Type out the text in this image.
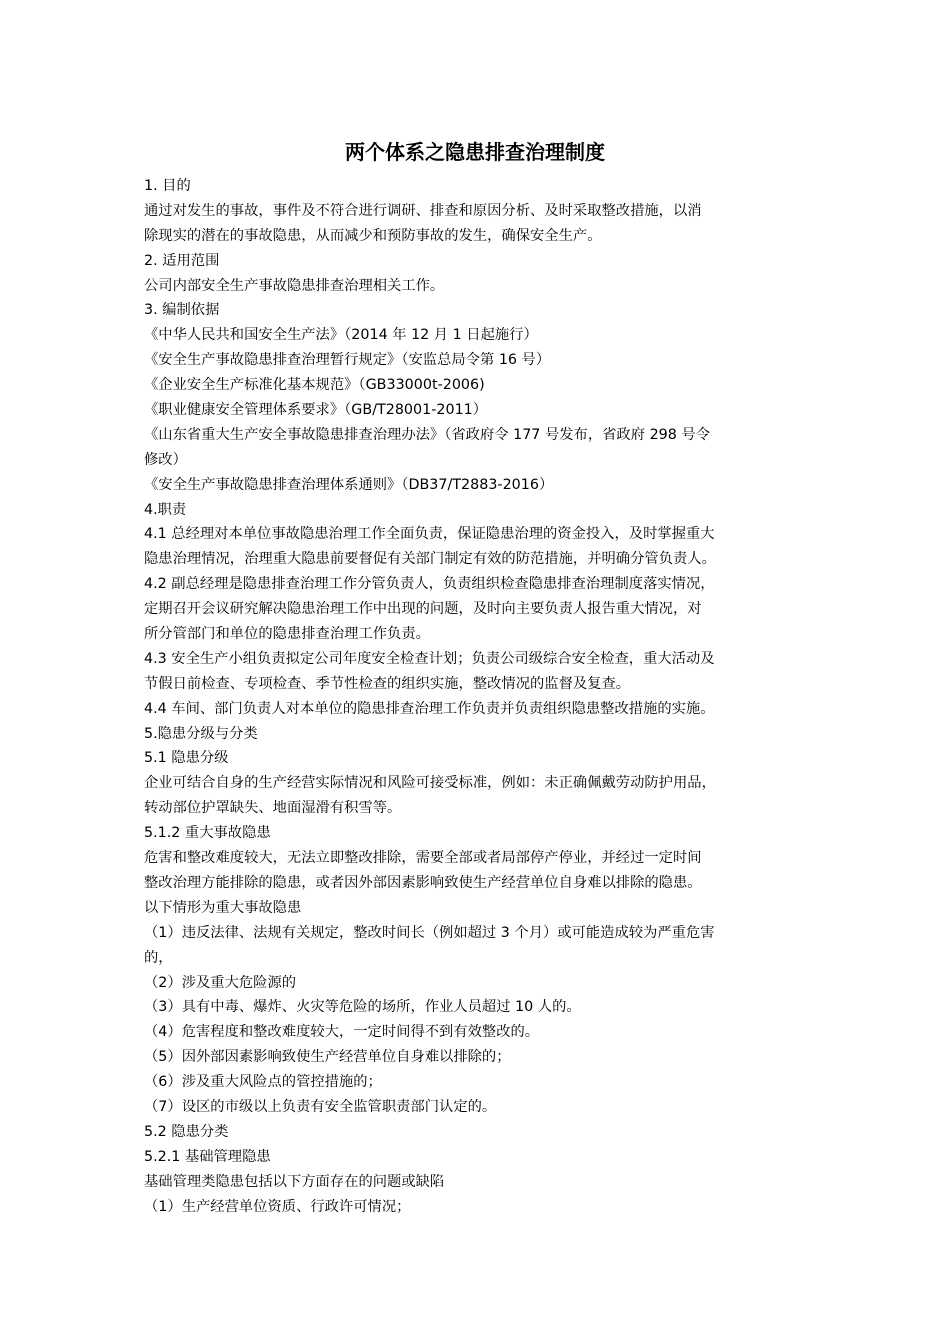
两个体系之隐患排查治理制度
1. 目的
通过对发生的事故，事件及不符合进行调研、排查和原因分析、及时采取整改措施，以消
除现实的潜在的事故隐患，从而减少和预防事故的发生，确保安全生产。
2. 适用范围
公司内部安全生产事故隐患排查治理相关工作。
3. 编制依据
《中华人民共和国安全生产法》（2014 年 12 月 1 日起施行）
《安全生产事故隐患排查治理暂行规定》（安监总局令第 16 号）
《企业安全生产标准化基本规范》（GB33000t-2006)
《职业健康安全管理体系要求》（GB/T28001-2011）
《山东省重大生产安全事故隐患排查治理办法》（省政府令 177 号发布，省政府 298 号令
修改）
《安全生产事故隐患排查治理体系通则》（DB37/T2883-2016）
4.职责
4.1 总经理对本单位事故隐患治理工作全面负责，保证隐患治理的资金投入，及时掌握重大
隐患治理情况，治理重大隐患前要督促有关部门制定有效的防范措施，并明确分管负责人。
4.2 副总经理是隐患排查治理工作分管负责人，负责组织检查隐患排查治理制度落实情况，
定期召开会议研究解决隐患治理工作中出现的问题，及时向主要负责人报告重大情况，对
所分管部门和单位的隐患排查治理工作负责。
4.3 安全生产小组负责拟定公司年度安全检查计划；负责公司级综合安全检查，重大活动及
节假日前检查、专项检查、季节性检查的组织实施，整改情况的监督及复查。
4.4 车间、部门负责人对本单位的隐患排查治理工作负责并负责组织隐患整改措施的实施。
5.隐患分级与分类
5.1 隐患分级
企业可结合自身的生产经营实际情况和风险可接受标准，例如：未正确佩戴劳动防护用品，
转动部位护罩缺失、地面湿滑有积雪等。
5.1.2 重大事故隐患
危害和整改难度较大，无法立即整改排除，需要全部或者局部停产停业，并经过一定时间
整改治理方能排除的隐患，或者因外部因素影响致使生产经营单位自身难以排除的隐患。
以下情形为重大事故隐患
（1）违反法律、法规有关规定，整改时间长（例如超过 3 个月）或可能造成较为严重危害
的，
（2）涉及重大危险源的
（3）具有中毒、爆炸、火灾等危险的场所，作业人员超过 10 人的。
（4）危害程度和整改难度较大，一定时间得不到有效整改的。
（5）因外部因素影响致使生产经营单位自身难以排除的；
（6）涉及重大风险点的管控措施的；
（7）设区的市级以上负责有安全监管职责部门认定的。
5.2 隐患分类
5.2.1 基础管理隐患
基础管理类隐患包括以下方面存在的问题或缺陷
（1）生产经营单位资质、行政许可情况；
